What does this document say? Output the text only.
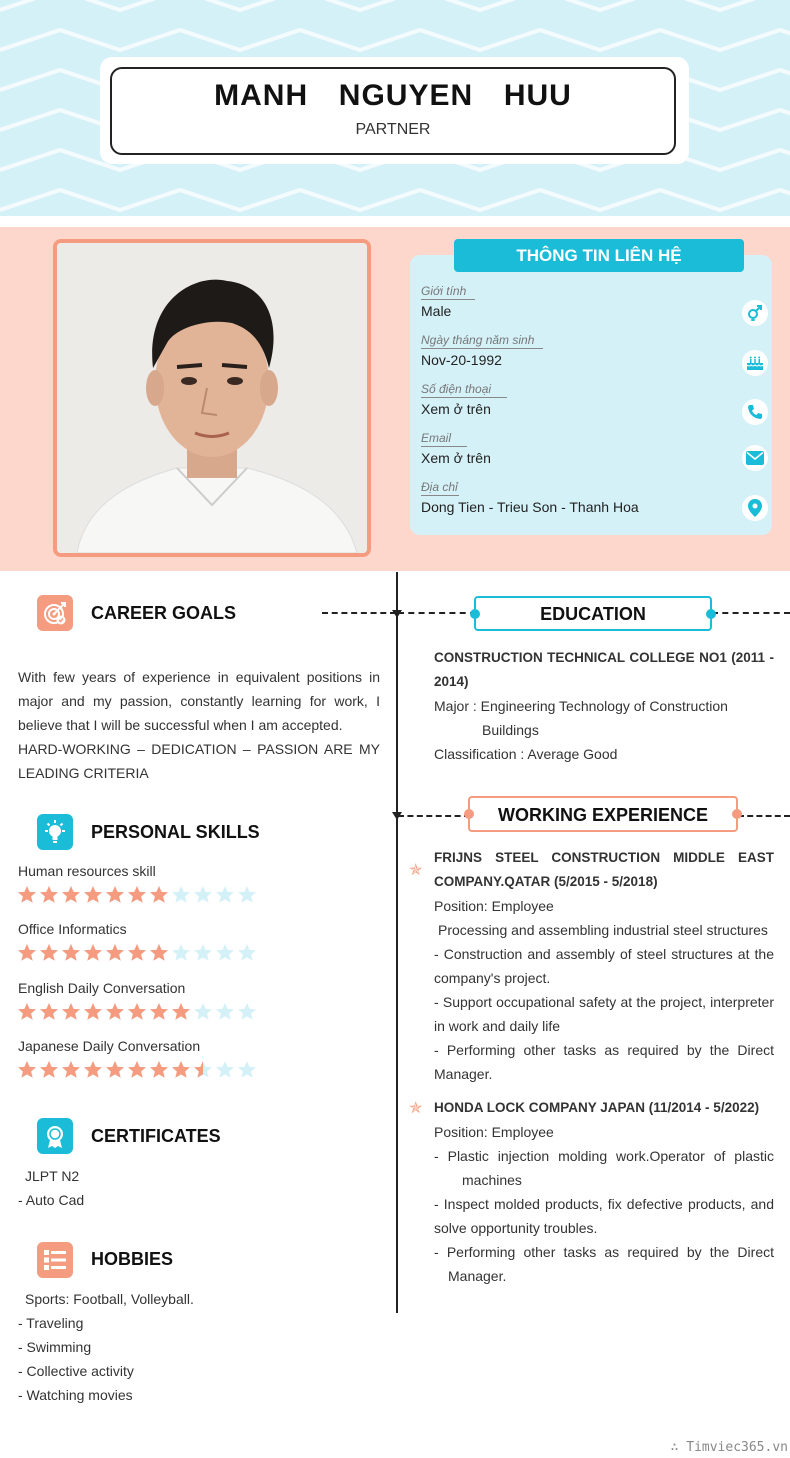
MANH  NGUYEN  HUU
PARTNER
Giới tính
Male
Ngày tháng năm sinh
Nov-20-1992
Số điện thoại
Xem ở trên
Email
Xem ở trên
Địa chỉ
Dong Tien - Trieu Son - Thanh Hoa
THÔNG TIN LIÊN HỆ
CAREER GOALS
With few years of experience in equivalent positions in major and my passion, constantly learning for work, I believe that I will be successful when I am accepted.
HARD-WORKING – DEDICATION – PASSION ARE MY LEADING CRITERIA
PERSONAL SKILLS
Human resources skill
Office Informatics
English Daily Conversation
Japanese Daily Conversation
CERTIFICATES
JLPT N2
- Auto Cad
HOBBIES
Sports: Football, Volleyball.
- Traveling
- Swimming
- Collective activity
- Watching movies
EDUCATION
CONSTRUCTION TECHNICAL COLLEGE NO1 (2011 - 2014)
Major : Engineering Technology of Construction
Buildings
Classification : Average Good
WORKING EXPERIENCE
✯
FRIJNS STEEL CONSTRUCTION MIDDLE EAST
COMPANY.QATAR (5/2015 - 5/2018)
Position: Employee
Processing and assembling industrial steel structures
- Construction and assembly of steel structures at the
company's project.
- Support occupational safety at the project, interpreter
in work and daily life
- Performing other tasks as required by the Direct
Manager.
✯ HONDA LOCK COMPANY JAPAN (11/2014 - 5/2022)
Position: Employee
- Plastic injection molding work.Operator of plastic
machines
- Inspect molded products, fix defective products, and
solve opportunity troubles.
- Performing other tasks as required by the Direct
Manager.
∴ Timviec365.vn
